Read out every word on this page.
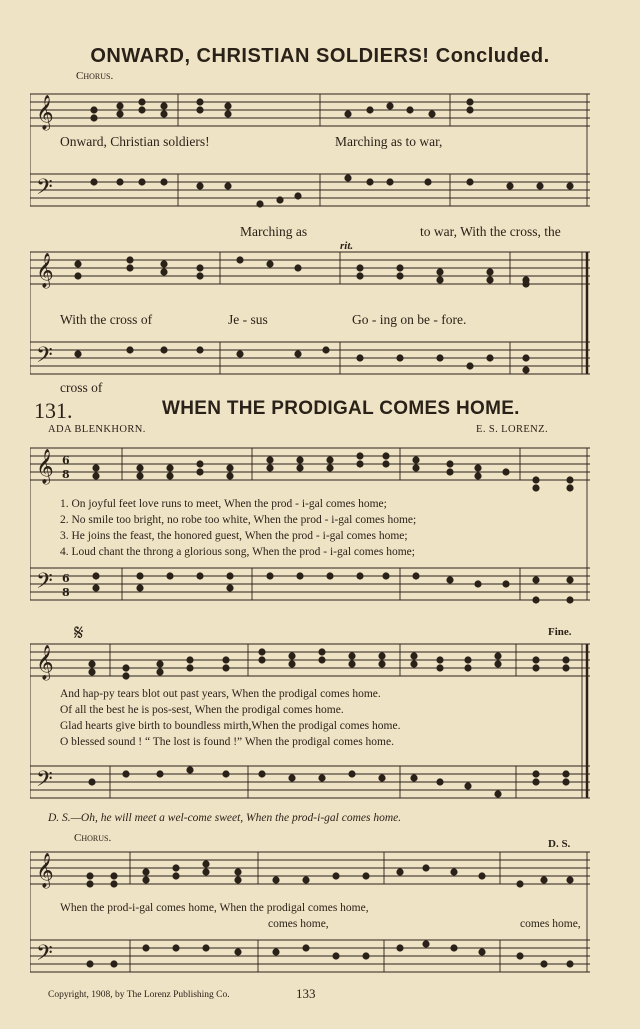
ONWARD, CHRISTIAN SOLDIERS! Concluded.
Chorus.
𝄞
𝄢
Onward, Christian soldiers!	Marching as to war,
Marching as	to war, With the cross, the
rit.
𝄞
𝄢
With the cross of	Je - sus	Go - ing on be - fore.
cross of
131.	WHEN THE PRODIGAL COMES HOME.
ADA BLENKHORN.	E. S. LORENZ.
𝄞 6
8
𝄢 6
8
1. On joyful feet love runs to meet, When the prod - i-gal comes home;
2. No smile too bright, no robe too white, When the prod - i-gal comes home;
3. He joins the feast, the honored guest, When the prod - i-gal comes home;
4. Loud chant the throng a glorious song, When the prod - i-gal comes home;
𝄋	Fine.
𝄞
𝄢
And hap-py tears blot out past years, When the prodigal comes home.
Of all the best he is pos-sest, When the prodigal comes home.
Glad hearts give birth to boundless mirth,When the prodigal comes home.
O blessed sound ! “ The lost is found !” When the prodigal comes home.
D. S.—Oh, he will meet a wel-come sweet, When the prod-i-gal comes home.
Chorus.	D. S.
𝄞
𝄢
When the prod-i-gal comes home, When the prodigal comes home,
comes home,	comes home,
Copyright, 1908, by The Lorenz Publishing Co.	133
